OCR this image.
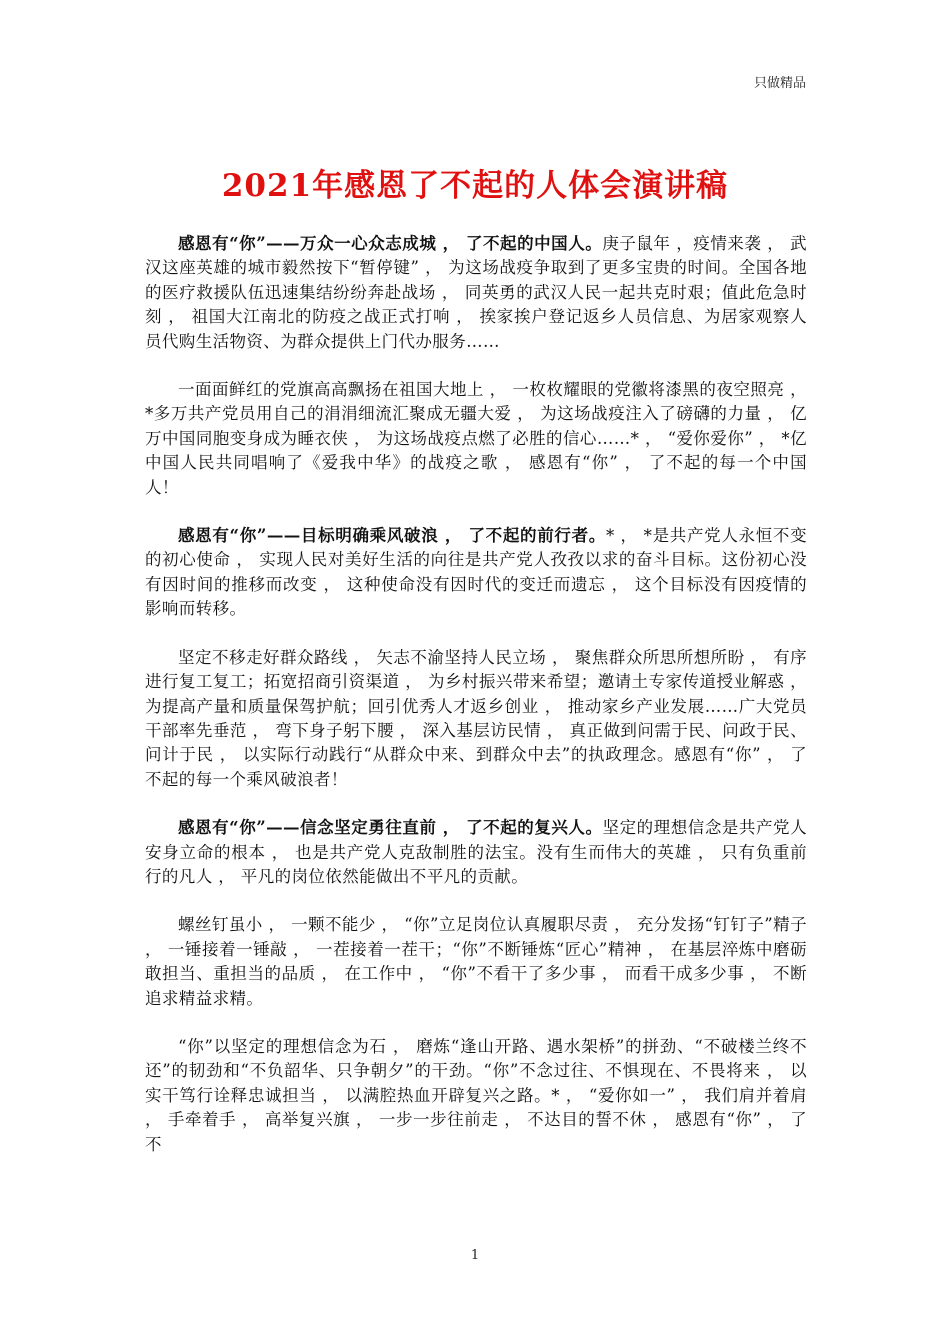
只做精品
2021年感恩了不起的人体会演讲稿

感恩有“你”——万众一心众志成城 ， 了不起的中国人。庚子鼠年 ，疫情来袭 ， 武汉这座英雄的城市毅然按下“暂停键” ， 为这场战疫争取到了更多宝贵的时间。全国各地的医疗救援队伍迅速集结纷纷奔赴战场 ， 同英勇的武汉人民一起共克时艰；值此危急时刻 ， 祖国大江南北的防疫之战正式打响 ， 挨家挨户登记返乡人员信息、为居家观察人员代购生活物资、为群众提供上门代办服务……

一面面鲜红的党旗高高飘扬在祖国大地上 ， 一枚枚耀眼的党徽将漆黑的夜空照亮 ， *多万共产党员用自己的涓涓细流汇聚成无疆大爱 ， 为这场战疫注入了磅礴的力量 ， 亿万中国同胞变身成为睡衣侠 ， 为这场战疫点燃了必胜的信心……* ， “爱你爱你” ， *亿中国人民共同唱响了《爱我中华》的战疫之歌 ， 感恩有“你” ， 了不起的每一个中国人！

感恩有“你”——目标明确乘风破浪 ， 了不起的前行者。* ， *是共产党人永恒不变的初心使命 ， 实现人民对美好生活的向往是共产党人孜孜以求的奋斗目标。这份初心没有因时间的推移而改变 ， 这种使命没有因时代的变迁而遗忘 ， 这个目标没有因疫情的影响而转移。

坚定不移走好群众路线 ， 矢志不渝坚持人民立场 ， 聚焦群众所思所想所盼 ， 有序进行复工复工；拓宽招商引资渠道 ， 为乡村振兴带来希望；邀请土专家传道授业解惑 ， 为提高产量和质量保驾护航；回引优秀人才返乡创业 ， 推动家乡产业发展……广大党员干部率先垂范 ， 弯下身子躬下腰 ， 深入基层访民情 ， 真正做到问需于民、问政于民、问计于民 ， 以实际行动践行“从群众中来、到群众中去”的执政理念。感恩有“你” ， 了不起的每一个乘风破浪者！

感恩有“你”——信念坚定勇往直前 ， 了不起的复兴人。坚定的理想信念是共产党人安身立命的根本 ， 也是共产党人克敌制胜的法宝。没有生而伟大的英雄 ， 只有负重前行的凡人 ， 平凡的岗位依然能做出不平凡的贡献。

螺丝钉虽小 ， 一颗不能少 ， “你”立足岗位认真履职尽责 ， 充分发扬“钉钉子”精子 ， 一锤接着一锤敲 ， 一茬接着一茬干；“你”不断锤炼“匠心”精神 ， 在基层淬炼中磨砺敢担当、重担当的品质 ， 在工作中 ， “你”不看干了多少事 ， 而看干成多少事 ， 不断追求精益求精。

“你”以坚定的理想信念为石 ， 磨炼“逢山开路、遇水架桥”的拼劲、“不破楼兰终不还”的韧劲和“不负韶华、只争朝夕”的干劲。“你”不念过往、不惧现在、不畏将来 ， 以实干笃行诠释忠诚担当 ， 以满腔热血开辟复兴之路。* ， “爱你如一” ， 我们肩并着肩 ， 手牵着手 ， 高举复兴旗 ， 一步一步往前走 ， 不达目的誓不休 ， 感恩有“你” ， 了不

1
